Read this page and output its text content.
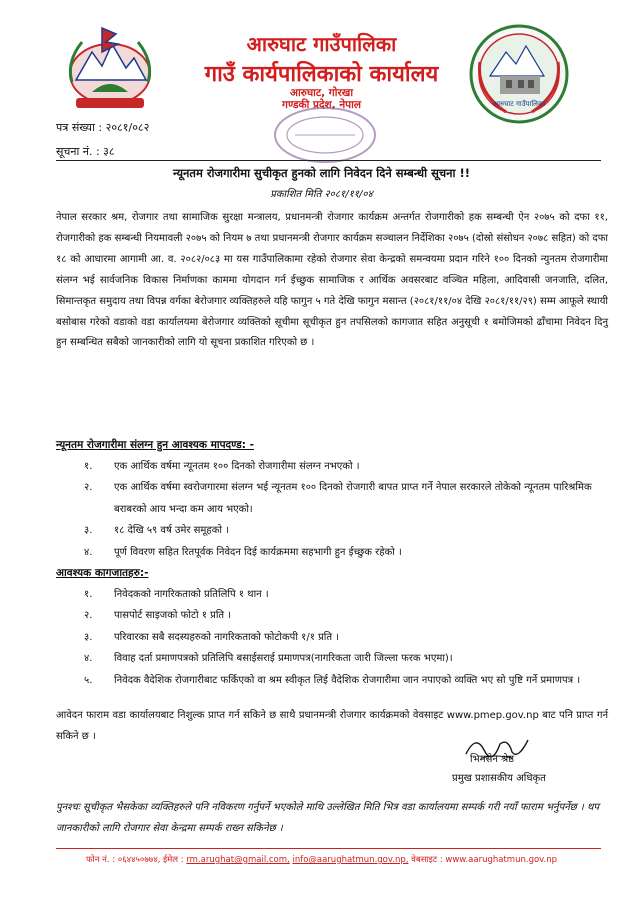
आरुघाट गाउँपालिका
गाउँ कार्यपालिकाको कार्यालय
आरुघाट, गोरखा
गण्डकी प्रदेश, नेपाल	आरुघाट गाउँपालिका
पत्र संख्या : २०८१/०८२
सूचना नं. : ३८
न्यूनतम रोजगारीमा सुचीकृत हुनको लागि निवेदन दिने सम्बन्धी सूचना !!
प्रकाशित मिति २०८१/११/०४

नेपाल सरकार श्रम, रोजगार तथा सामाजिक सुरक्षा मन्त्रालय, प्रधानमन्त्री रोजगार कार्यक्रम अन्तर्गत रोजगारीको हक सम्बन्धी ऐन २०७५ को दफा ११, रोजगारीको हक सम्बन्धी नियमावली २०७५ को नियम ७ तथा प्रधानमन्त्री रोजगार कार्यक्रम सञ्चालन निर्देशिका २०७५ (दोस्रो संसोधन २०७८ सहित) को दफा १८ को आधारमा आगामी आ. व. २०८२/०८३ मा यस गाउँपालिकामा रहेको रोजगार सेवा केन्द्रको समन्वयमा प्रदान गरिने १०० दिनको न्युनतम रोजगारीमा संलग्न भई सार्वजनिक विकास निर्माणका काममा योगदान गर्न ईच्छुक सामाजिक र आर्थिक अवसरबाट वञ्चित महिला, आदिवासी जनजाति, दलित, सिमान्तकृत समुदाय तथा विपन्न वर्गका बेरोजगार व्यक्तिहरुले यहि फागुन ५ गते देखि फागुन मसान्त (२०८१/११/०४ देखि २०८१/११/२९) सम्म आफूले स्थायी बसोबास गरेको वडाको वडा कार्यालयमा बेरोजगार व्यक्तिको सूचीमा सूचीकृत हुन तपसिलको कागजात सहित अनुसूची १ बमोजिमको ढाँचामा निवेदन दिनु हुन सम्बन्धित सबैको जानकारीको लागि यो सूचना प्रकाशित गरिएको छ ।

न्यूनतम रोजगारीमा संलग्न हुन आवश्यक मापदण्ड: -
१.	एक आर्थिक वर्षमा न्यूनतम १०० दिनको रोजगारीमा संलग्न नभएको ।
२.	एक आर्थिक वर्षमा स्वरोजगारमा संलग्न भई न्यूनतम १०० दिनको रोजगारी बापत प्राप्त गर्ने नेपाल सरकारले तोकेको न्यूनतम पारिश्रमिक बराबरको आय भन्दा कम आय भएको।
३.	१८ देखि ५९ वर्ष उमेर समूहको ।
४.	पूर्ण विवरण सहित रितपूर्वक निवेदन दिई कार्यक्रममा सहभागी हुन ईच्छुक रहेको ।
आवश्यक कागजातहरु:-
१.	निवेदकको नागरिकताको प्रतिलिपि १ थान ।
२.	पासपोर्ट साइजको फोटो १ प्रति ।
३.	परिवारका सबै सदस्यहरुको नागरिकताको फोटोकपी १/१ प्रति ।
४.	विवाह दर्ता प्रमाणपत्रको प्रतिलिपि बसाईसराई प्रमाणपत्र(नागरिकता जारी जिल्ला फरक भएमा)।
५.	निवेदक वैदेशिक रोजगारीबाट फर्किएको वा श्रम स्वीकृत लिई वैदेशिक रोजगारीमा जान नपाएको व्यक्ति भए सो पुष्टि गर्ने प्रमाणपत्र ।

आवेदन फाराम वडा कार्यालयबाट निशुल्क प्राप्त गर्न सकिने छ साथै प्रधानमन्त्री रोजगार कार्यक्रमको वेवसाइट www.pmep.gov.np बाट पनि प्राप्त गर्न सकिने छ ।

भिमसेन श्रेष्ठ
प्रमुख प्रशासकीय अधिकृत

पुनश्चः सूचीकृत भैसकेका व्यक्तिहरुले पनि नविकरण गर्नुपर्ने भएकोले माथि उल्लेखित मिति भित्र वडा कार्यालयमा सम्पर्क गरी नयाँ फाराम भर्नुपर्नेछ । थप जानकारीको लागि रोजगार सेवा केन्द्रमा सम्पर्क राख्न सकिनेछ ।

फोन नं. : ०६४४५०७७४, ईमेल : rm.arughat@gmail.com, info@aarughatmun.gov.np, वेबसाइट : www.aarughatmun.gov.np
